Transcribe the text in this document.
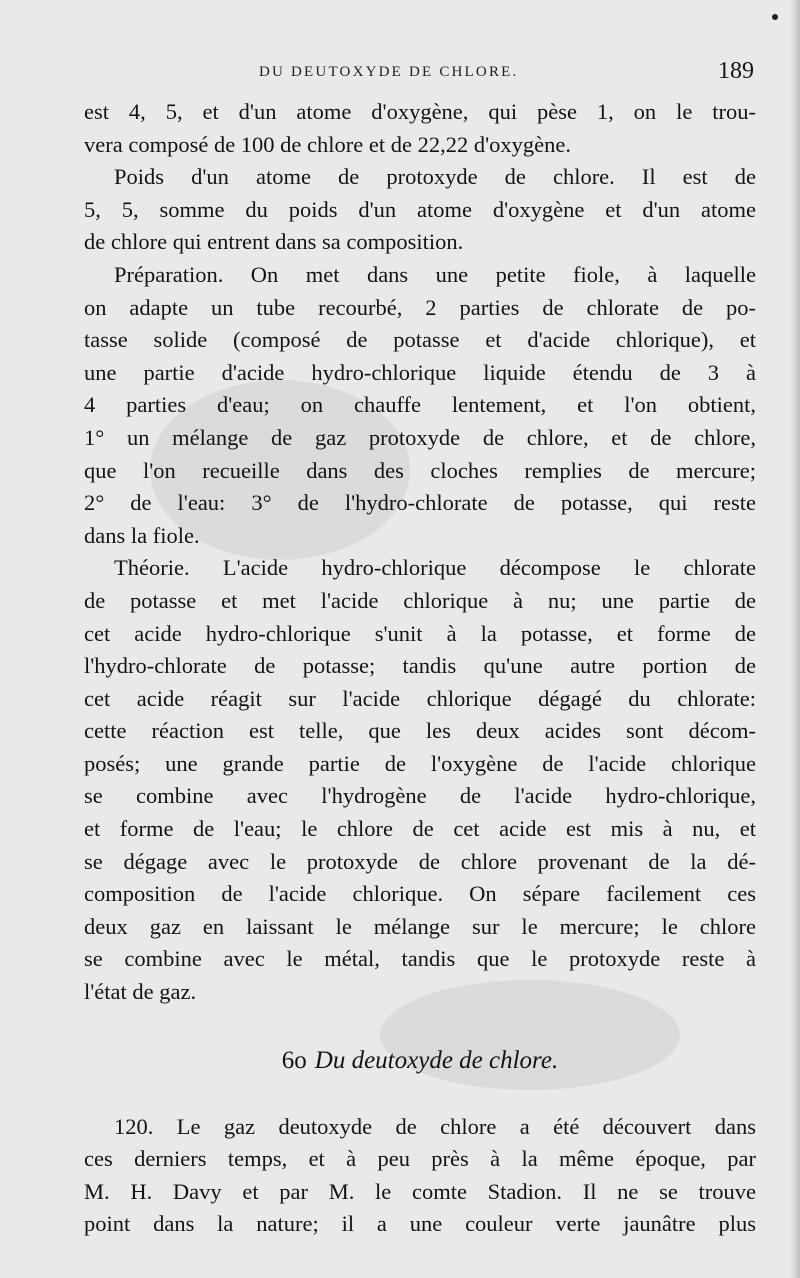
DU DEUTOXYDE DE CHLORE.	189
est 4, 5, et d'un atome d'oxygène, qui pèse 1, on le trou-
vera composé de 100 de chlore et de 22,22 d'oxygène.
Poids d'un atome de protoxyde de chlore. Il est de
5, 5, somme du poids d'un atome d'oxygène et d'un atome
de chlore qui entrent dans sa composition.
Préparation. On met dans une petite fiole, à laquelle
on adapte un tube recourbé, 2 parties de chlorate de po-
tasse solide (composé de potasse et d'acide chlorique), et
une partie d'acide hydro-chlorique liquide étendu de 3 à
4 parties d'eau; on chauffe lentement, et l'on obtient,
1° un mélange de gaz protoxyde de chlore, et de chlore,
que l'on recueille dans des cloches remplies de mercure;
2° de l'eau: 3° de l'hydro-chlorate de potasse, qui reste
dans la fiole.
Théorie. L'acide hydro-chlorique décompose le chlorate
de potasse et met l'acide chlorique à nu; une partie de
cet acide hydro-chlorique s'unit à la potasse, et forme de
l'hydro-chlorate de potasse; tandis qu'une autre portion de
cet acide réagit sur l'acide chlorique dégagé du chlorate:
cette réaction est telle, que les deux acides sont décom-
posés; une grande partie de l'oxygène de l'acide chlorique
se combine avec l'hydrogène de l'acide hydro-chlorique,
et forme de l'eau; le chlore de cet acide est mis à nu, et
se dégage avec le protoxyde de chlore provenant de la dé-
composition de l'acide chlorique. On sépare facilement ces
deux gaz en laissant le mélange sur le mercure; le chlore
se combine avec le métal, tandis que le protoxyde reste à
l'état de gaz.
6o Du deutoxyde de chlore.
120. Le gaz deutoxyde de chlore a été découvert dans
ces derniers temps, et à peu près à la même époque, par
M. H. Davy et par M. le comte Stadion. Il ne se trouve
point dans la nature; il a une couleur verte jaunâtre plus
